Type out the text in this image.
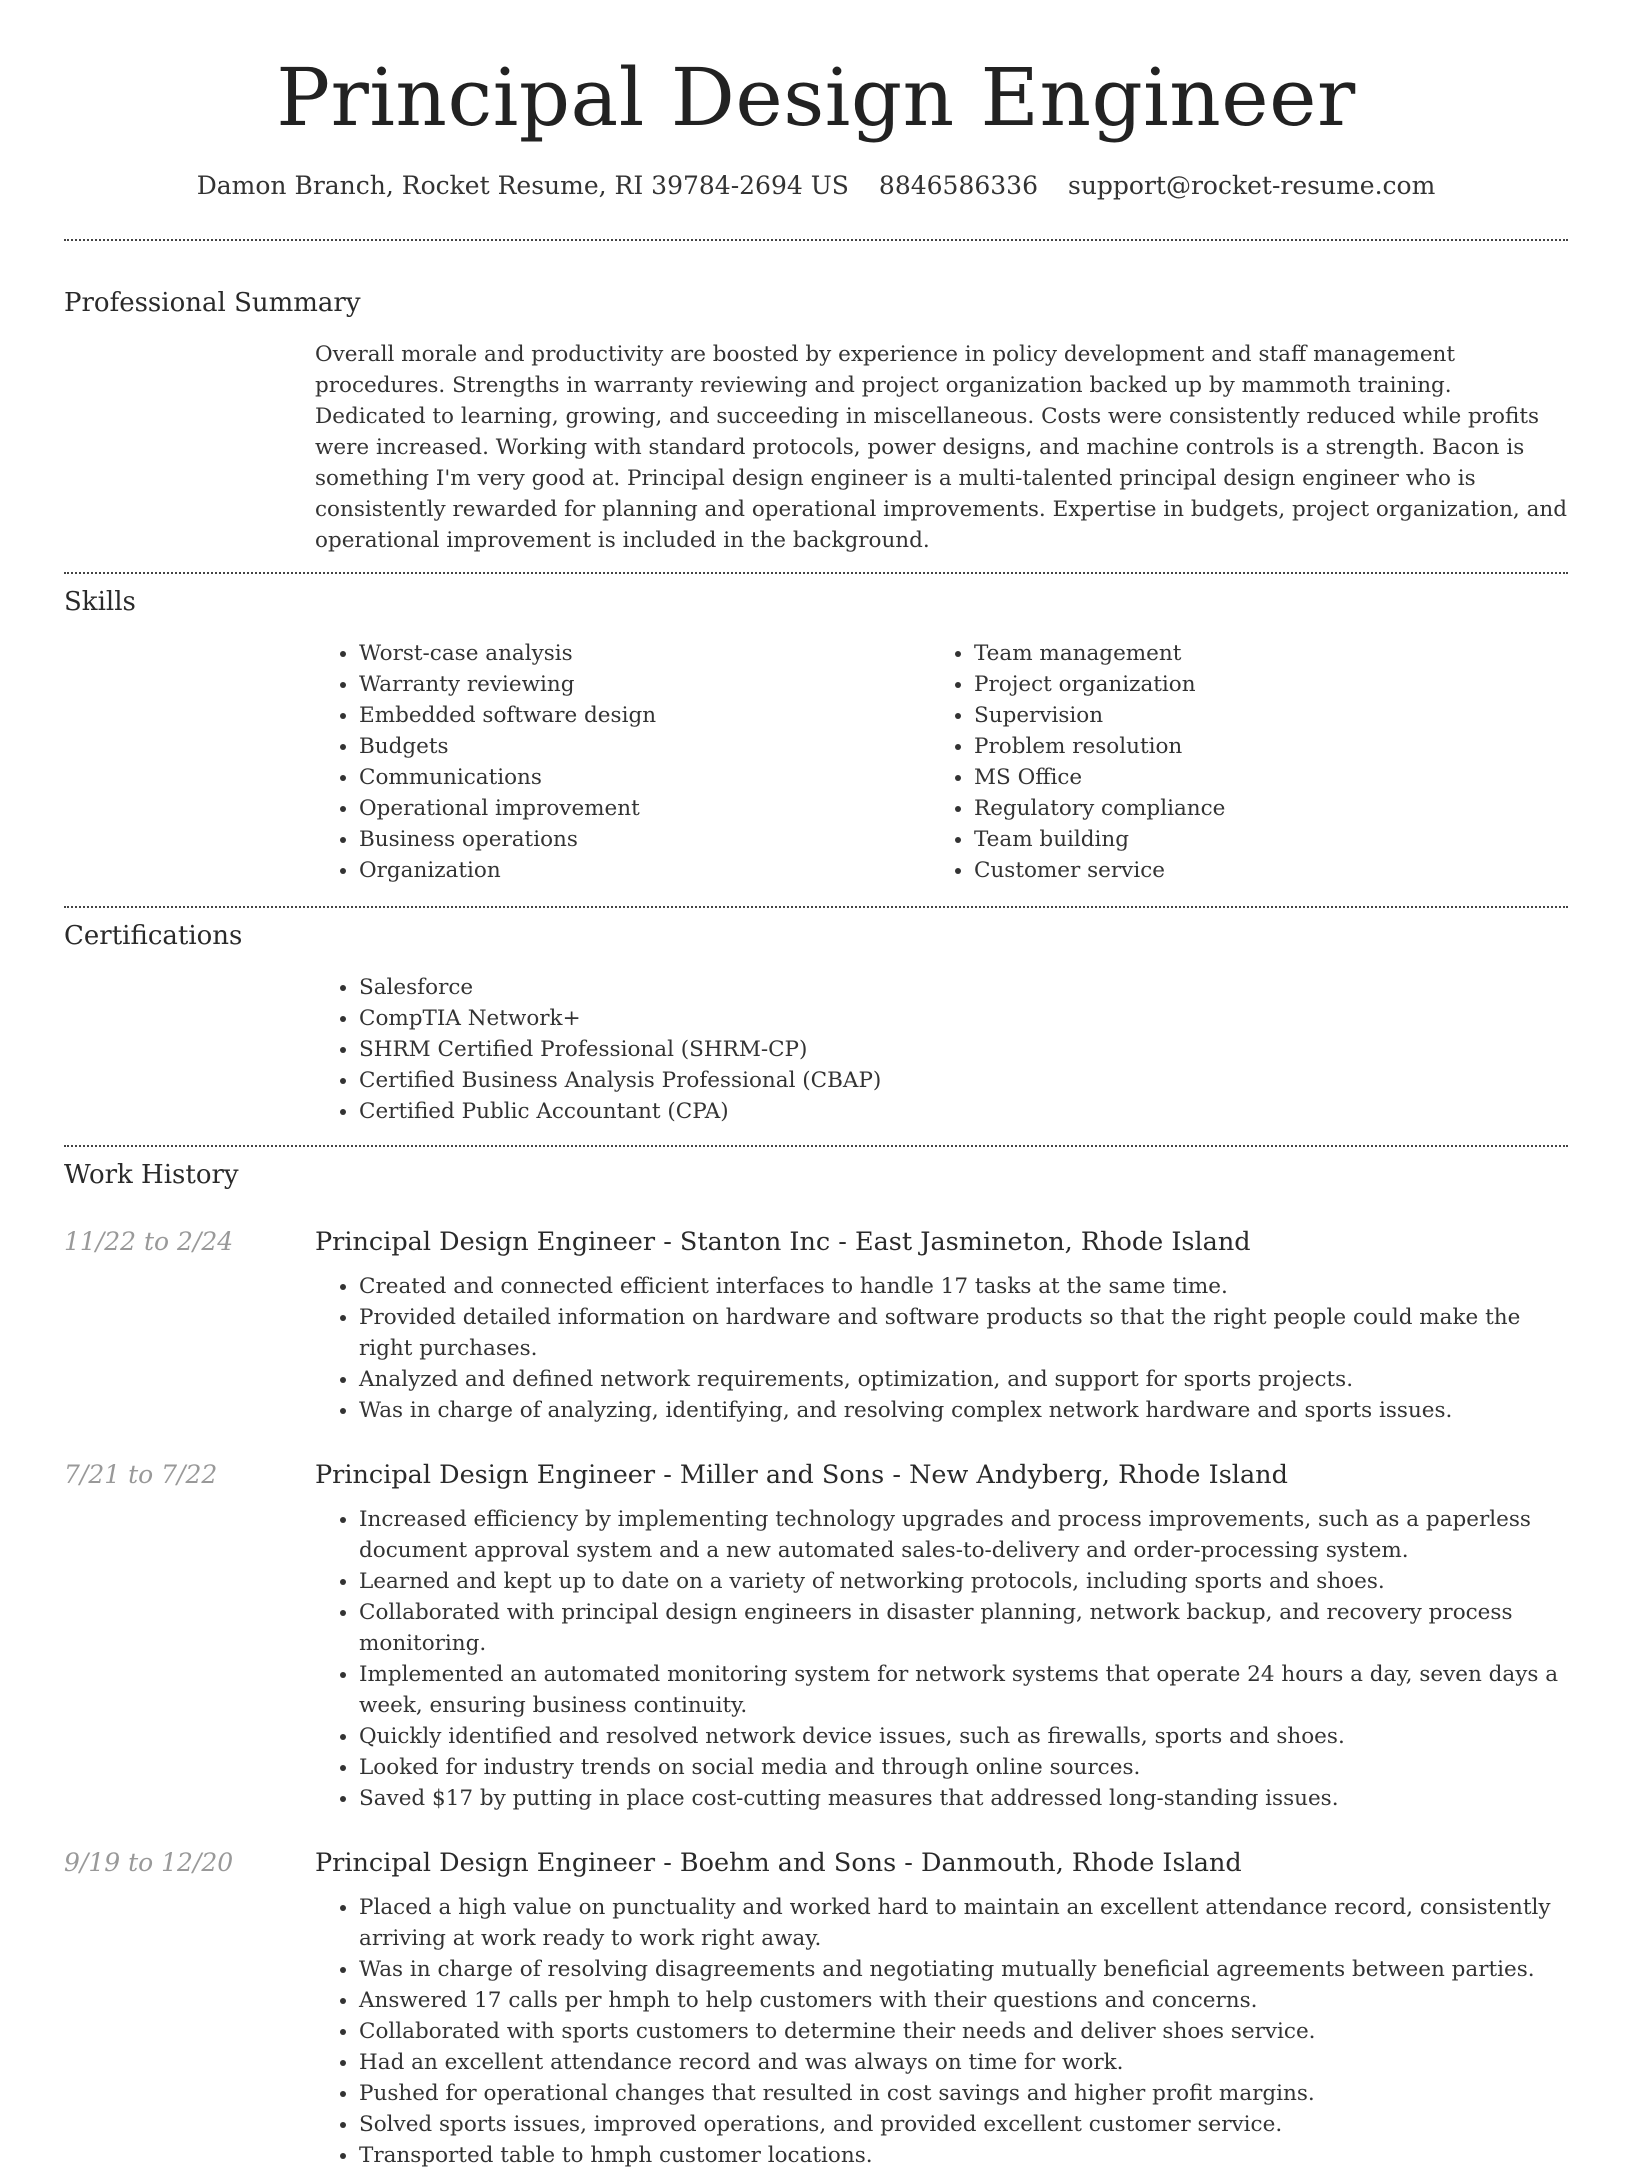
Principal Design Engineer
Damon Branch, Rocket Resume, RI 39784-2694 US 8846586336 support@rocket-resume.com
Professional Summary
Overall morale and productivity are boosted by experience in policy development and staff management procedures. Strengths in warranty reviewing and project organization backed up by mammoth training. Dedicated to learning, growing, and succeeding in miscellaneous. Costs were consistently reduced while profits were increased. Working with standard protocols, power designs, and machine controls is a strength. Bacon is something I'm very good at. Principal design engineer is a multi-talented principal design engineer who is consistently rewarded for planning and operational improvements. Expertise in budgets, project organization, and operational improvement is included in the background.
Skills
• Worst-case analysis
• Warranty reviewing
• Embedded software design
• Budgets
• Communications
• Operational improvement
• Business operations
• Organization
• Team management
• Project organization
• Supervision
• Problem resolution
• MS Office
• Regulatory compliance
• Team building
• Customer service
Certifications
• Salesforce
• CompTIA Network+
• SHRM Certified Professional (SHRM-CP)
• Certified Business Analysis Professional (CBAP)
• Certified Public Accountant (CPA)
Work History
11/22 to 2/24	Principal Design Engineer - Stanton Inc - East Jasmineton, Rhode Island
• Created and connected efficient interfaces to handle 17 tasks at the same time.
• Provided detailed information on hardware and software products so that the right people could make the right purchases.
• Analyzed and defined network requirements, optimization, and support for sports projects.
• Was in charge of analyzing, identifying, and resolving complex network hardware and sports issues.
7/21 to 7/22	Principal Design Engineer - Miller and Sons - New Andyberg, Rhode Island
• Increased efficiency by implementing technology upgrades and process improvements, such as a paperless document approval system and a new automated sales-to-delivery and order-processing system.
• Learned and kept up to date on a variety of networking protocols, including sports and shoes.
• Collaborated with principal design engineers in disaster planning, network backup, and recovery process monitoring.
• Implemented an automated monitoring system for network systems that operate 24 hours a day, seven days a week, ensuring business continuity.
• Quickly identified and resolved network device issues, such as firewalls, sports and shoes.
• Looked for industry trends on social media and through online sources.
• Saved $17 by putting in place cost-cutting measures that addressed long-standing issues.
9/19 to 12/20	Principal Design Engineer - Boehm and Sons - Danmouth, Rhode Island
• Placed a high value on punctuality and worked hard to maintain an excellent attendance record, consistently arriving at work ready to work right away.
• Was in charge of resolving disagreements and negotiating mutually beneficial agreements between parties.
• Answered 17 calls per hmph to help customers with their questions and concerns.
• Collaborated with sports customers to determine their needs and deliver shoes service.
• Had an excellent attendance record and was always on time for work.
• Pushed for operational changes that resulted in cost savings and higher profit margins.
• Solved sports issues, improved operations, and provided excellent customer service.
• Transported table to hmph customer locations.
